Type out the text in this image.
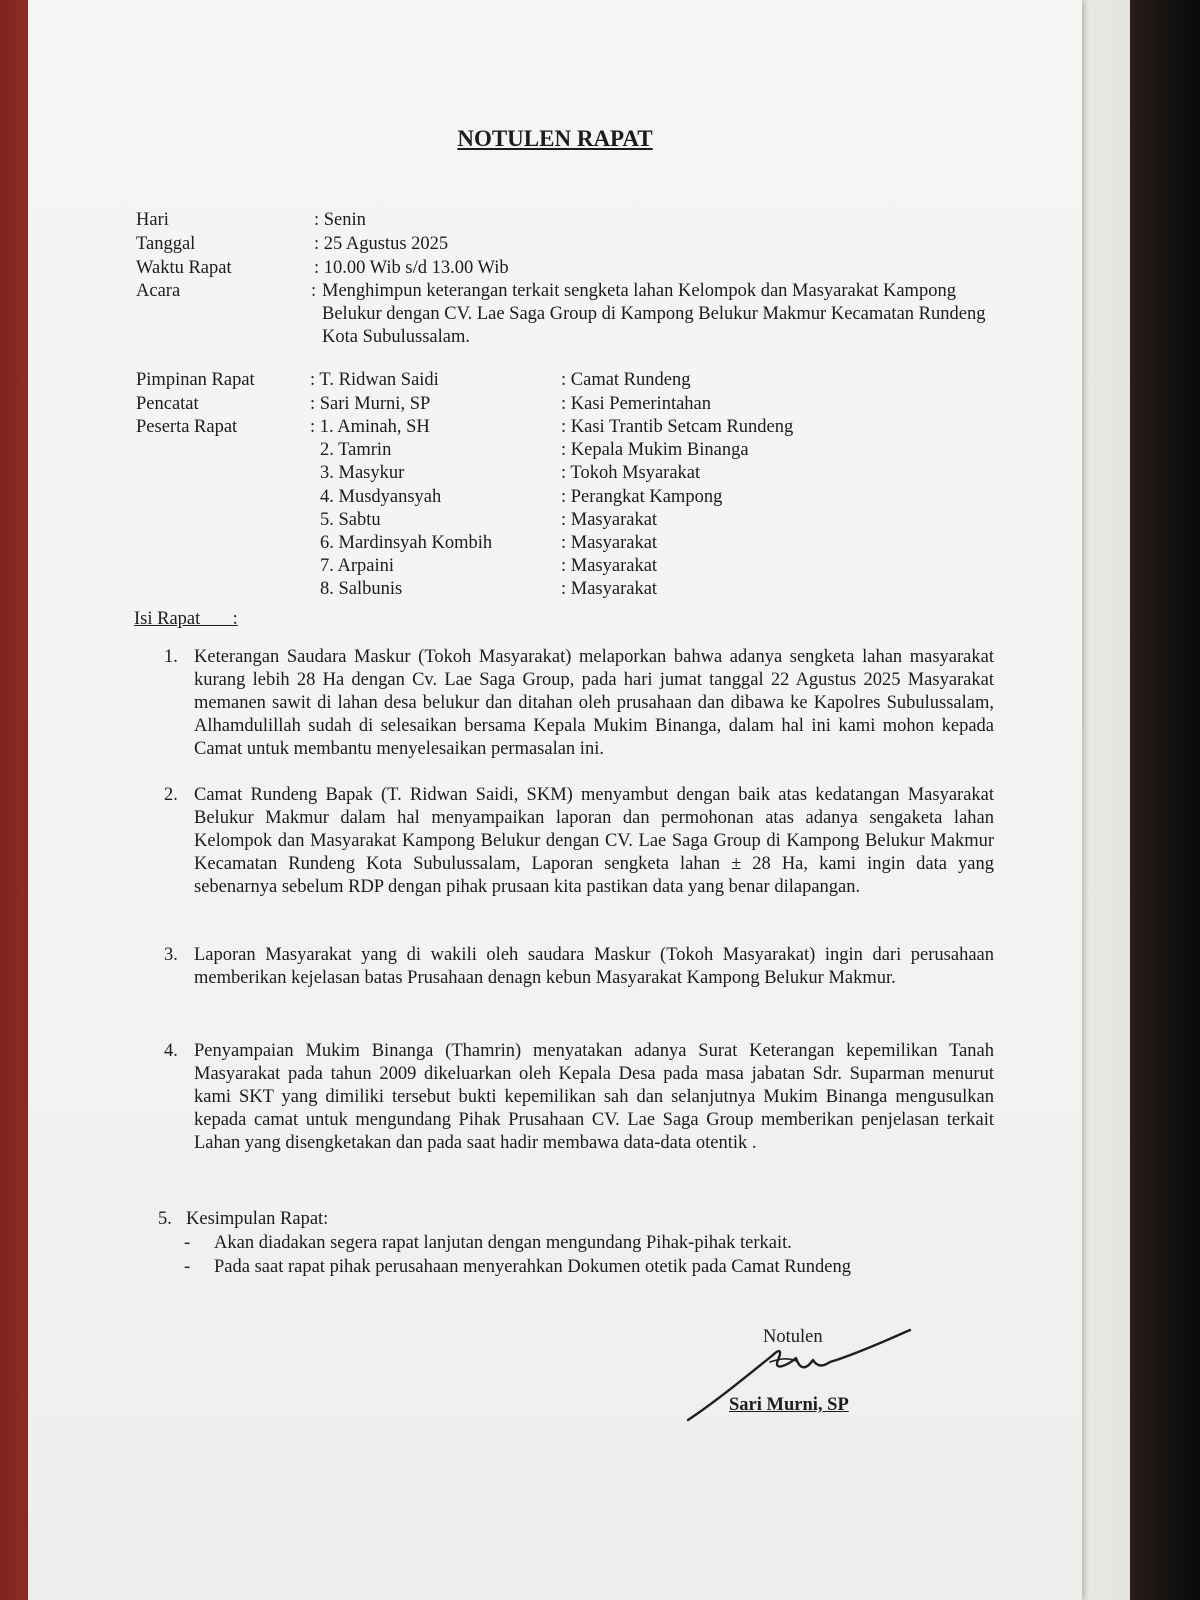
NOTULEN RAPAT
Hari	: Senin
Tanggal	: 25 Agustus 2025
Waktu Rapat	: 10.00 Wib s/d 13.00 Wib
Acara	: Menghimpun keterangan terkait sengketa lahan Kelompok dan Masyarakat Kampong Belukur dengan CV. Lae Saga Group di Kampong Belukur Makmur Kecamatan Rundeng Kota Subulussalam.
Pimpinan Rapat	: T. Ridwan Saidi	: Camat Rundeng
Pencatat	: Sari Murni, SP	: Kasi Pemerintahan
Peserta Rapat	: 1. Aminah, SH	: Kasi Trantib Setcam Rundeng
2. Tamrin	: Kepala Mukim Binanga
3. Masykur	: Tokoh Msyarakat
4. Musdyansyah	: Perangkat Kampong
5. Sabtu	: Masyarakat
6. Mardinsyah Kombih	: Masyarakat
7. Arpaini	: Masyarakat
8. Salbunis	: Masyarakat
Isi Rapat       :
1. Keterangan Saudara Maskur (Tokoh Masyarakat) melaporkan bahwa adanya sengketa lahan masyarakat kurang lebih 28 Ha dengan Cv. Lae Saga Group, pada hari jumat tanggal 22 Agustus 2025 Masyarakat memanen sawit di lahan desa belukur dan ditahan oleh prusahaan dan dibawa ke Kapolres Subulussalam, Alhamdulillah sudah di selesaikan bersama Kepala Mukim Binanga, dalam hal ini kami mohon kepada Camat untuk membantu menyelesaikan permasalan ini.
2. Camat Rundeng Bapak (T. Ridwan Saidi, SKM) menyambut dengan baik atas kedatangan Masyarakat Belukur Makmur dalam hal menyampaikan laporan dan permohonan atas adanya sengaketa lahan Kelompok dan Masyarakat Kampong Belukur dengan CV. Lae Saga Group di Kampong Belukur Makmur Kecamatan Rundeng Kota Subulussalam, Laporan sengketa lahan ± 28 Ha, kami ingin data yang sebenarnya sebelum RDP dengan pihak prusaan kita pastikan data yang benar dilapangan.
3. Laporan Masyarakat yang di wakili oleh saudara Maskur (Tokoh Masyarakat) ingin dari perusahaan memberikan kejelasan batas Prusahaan denagn kebun Masyarakat Kampong Belukur Makmur.
4. Penyampaian Mukim Binanga (Thamrin) menyatakan adanya Surat Keterangan kepemilikan Tanah Masyarakat pada tahun 2009 dikeluarkan oleh Kepala Desa pada masa jabatan Sdr. Suparman menurut kami SKT yang dimiliki tersebut bukti kepemilikan sah dan selanjutnya Mukim Binanga mengusulkan kepada camat untuk mengundang Pihak Prusahaan CV. Lae Saga Group memberikan penjelasan terkait Lahan yang disengketakan dan pada saat hadir membawa data-data otentik .
5. Kesimpulan Rapat:
- Akan diadakan segera rapat lanjutan dengan mengundang Pihak-pihak terkait.
- Pada saat rapat pihak perusahaan menyerahkan Dokumen otetik pada Camat Rundeng
Notulen
Sari Murni, SP
